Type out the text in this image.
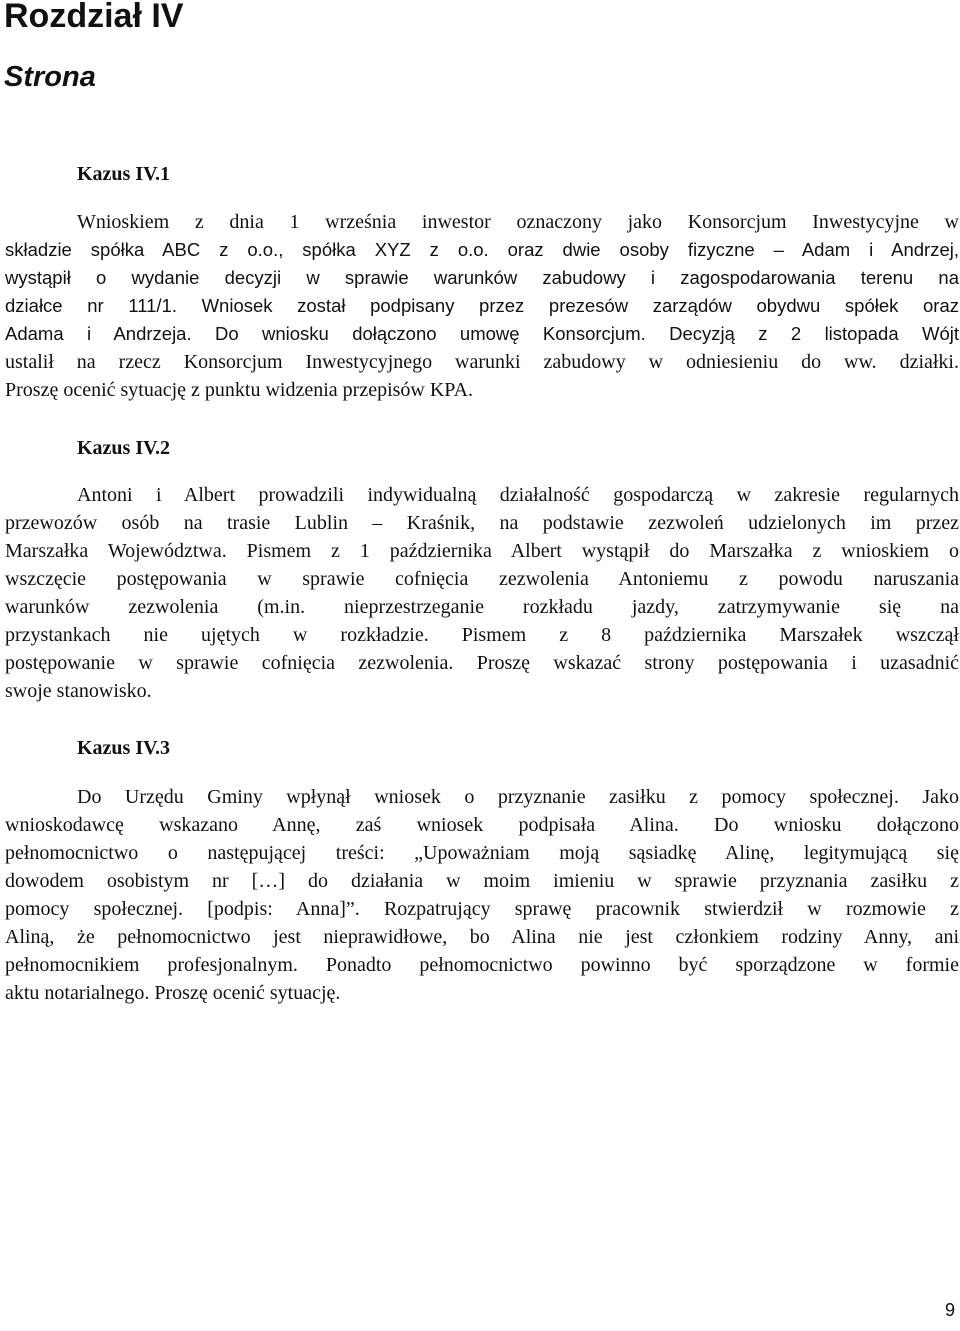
Rozdział IV
Strona
Kazus IV.1
Wnioskiem z dnia 1 września inwestor oznaczony jako Konsorcjum Inwestycyjne w
składzie spółka ABC z o.o., spółka XYZ z o.o. oraz dwie osoby fizyczne – Adam i Andrzej,
wystąpił o wydanie decyzji w sprawie warunków zabudowy i zagospodarowania terenu na
działce nr 111/1. Wniosek został podpisany przez prezesów zarządów obydwu spółek oraz
Adama i Andrzeja. Do wniosku dołączono umowę Konsorcjum. Decyzją z 2 listopada Wójt
ustalił na rzecz Konsorcjum Inwestycyjnego warunki zabudowy w odniesieniu do ww. działki.
Proszę ocenić sytuację z punktu widzenia przepisów KPA.
Kazus IV.2
Antoni i Albert prowadzili indywidualną działalność gospodarczą w zakresie regularnych
przewozów osób na trasie Lublin – Kraśnik, na podstawie zezwoleń udzielonych im przez
Marszałka Województwa. Pismem z 1 października Albert wystąpił do Marszałka z wnioskiem o
wszczęcie postępowania w sprawie cofnięcia zezwolenia Antoniemu z powodu naruszania
warunków zezwolenia (m.in. nieprzestrzeganie rozkładu jazdy, zatrzymywanie się na
przystankach nie ujętych w rozkładzie. Pismem z 8 października Marszałek wszczął
postępowanie w sprawie cofnięcia zezwolenia. Proszę wskazać strony postępowania i uzasadnić
swoje stanowisko.
Kazus IV.3
Do Urzędu Gminy wpłynął wniosek o przyznanie zasiłku z pomocy społecznej. Jako
wnioskodawcę wskazano Annę, zaś wniosek podpisała Alina. Do wniosku dołączono
pełnomocnictwo o następującej treści: „Upoważniam moją sąsiadkę Alinę, legitymującą się
dowodem osobistym nr […] do działania w moim imieniu w sprawie przyznania zasiłku z
pomocy społecznej. [podpis: Anna]”. Rozpatrujący sprawę pracownik stwierdził w rozmowie z
Aliną, że pełnomocnictwo jest nieprawidłowe, bo Alina nie jest członkiem rodziny Anny, ani
pełnomocnikiem profesjonalnym. Ponadto pełnomocnictwo powinno być sporządzone w formie
aktu notarialnego. Proszę ocenić sytuację.
9
